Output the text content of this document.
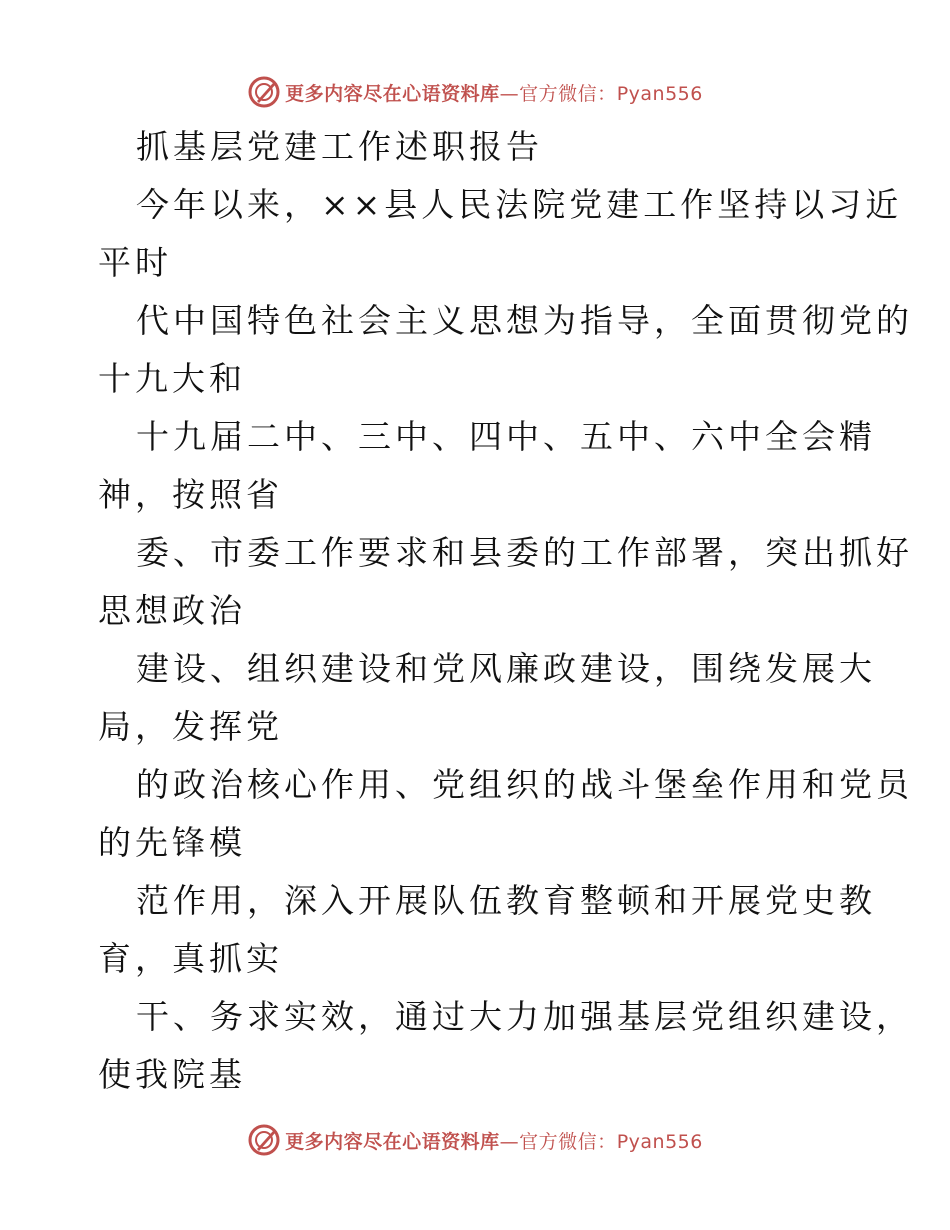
更多内容尽在心语资料库—官方微信：Pyan556
抓基层党建工作述职报告
今年以来，××县人民法院党建工作坚持以习近
平时
代中国特色社会主义思想为指导，全面贯彻党的
十九大和
十九届二中、三中、四中、五中、六中全会精
神，按照省
委、市委工作要求和县委的工作部署，突出抓好
思想政治
建设、组织建设和党风廉政建设，围绕发展大
局，发挥党
的政治核心作用、党组织的战斗堡垒作用和党员
的先锋模
范作用，深入开展队伍教育整顿和开展党史教
育，真抓实
干、务求实效，通过大力加强基层党组织建设，
使我院基
更多内容尽在心语资料库—官方微信：Pyan556
